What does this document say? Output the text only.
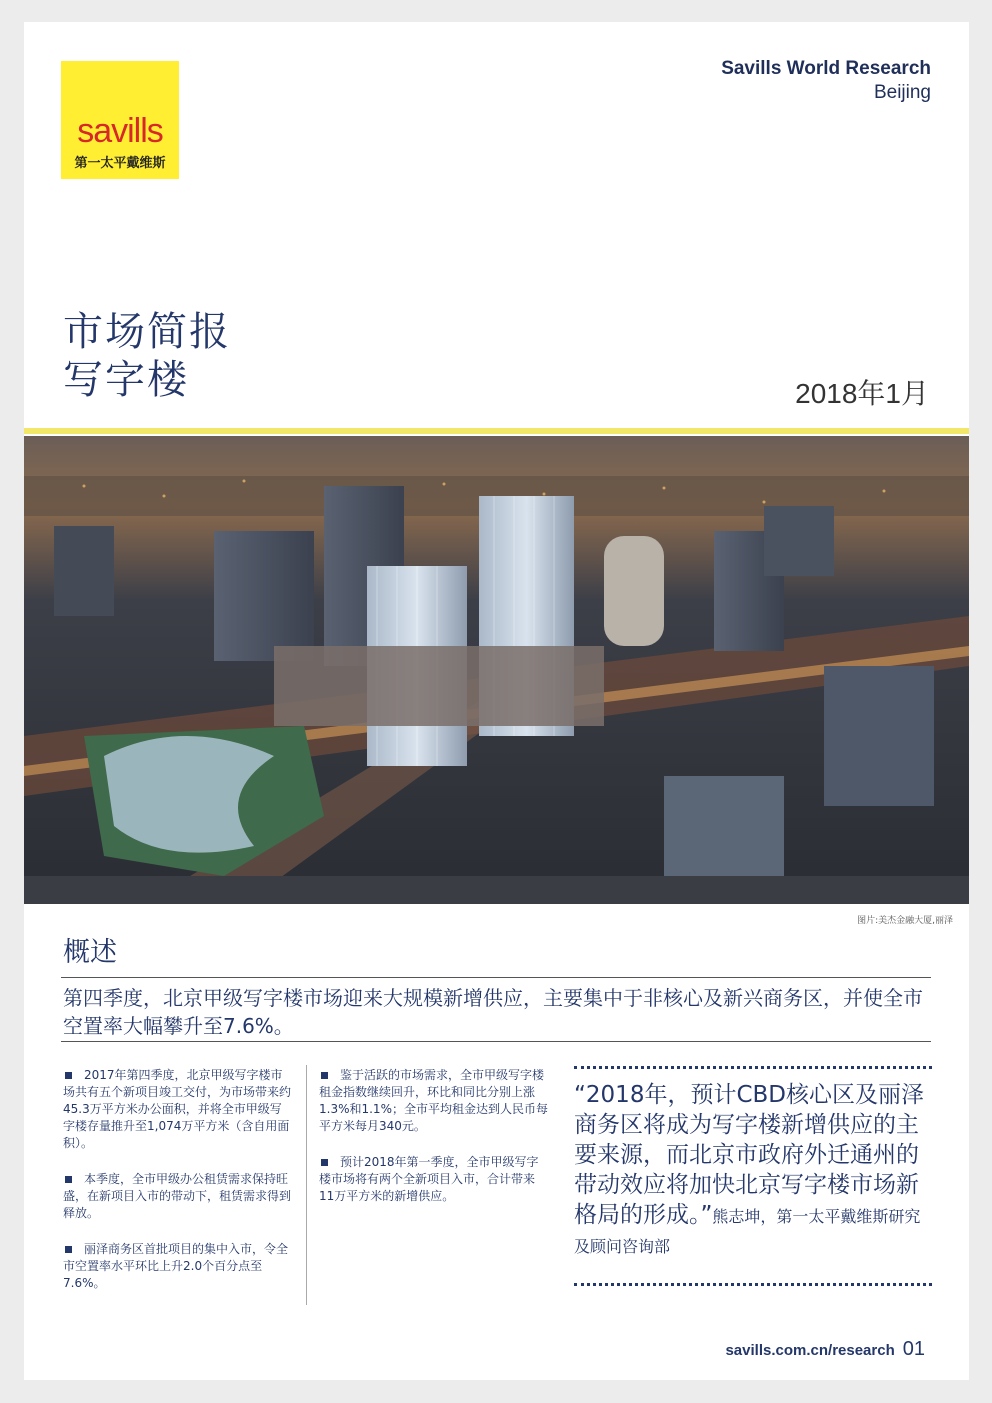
savills
第一太平戴维斯
Savills World Research
Beijing
市场简报
写字楼	2018年1月
图片:美杰金融大厦,丽泽
概述
第四季度，北京甲级写字楼市场迎来大规模新增供应，主要集中于非核心及新兴商务区，并使全市空置率大幅攀升至7.6%。
2017年第四季度，北京甲级写字楼市场共有五个新项目竣工交付，为市场带来约45.3万平方米办公面积，并将全市甲级写字楼存量推升至1,074万平方米（含自用面积）。
本季度，全市甲级办公租赁需求保持旺盛，在新项目入市的带动下，租赁需求得到释放。
丽泽商务区首批项目的集中入市，令全市空置率水平环比上升2.0个百分点至7.6%。
鉴于活跃的市场需求，全市甲级写字楼租金指数继续回升，环比和同比分别上涨1.3%和1.1%；全市平均租金达到人民币每平方米每月340元。
预计2018年第一季度，全市甲级写字楼市场将有两个全新项目入市，合计带来11万平方米的新增供应。
“2018年，预计CBD核心区及丽泽商务区将成为写字楼新增供应的主要来源，而北京市政府外迁通州的带动效应将加快北京写字楼市场新格局的形成。”熊志坤，第一太平戴维斯研究及顾问咨询部
savills.com.cn/research 01
